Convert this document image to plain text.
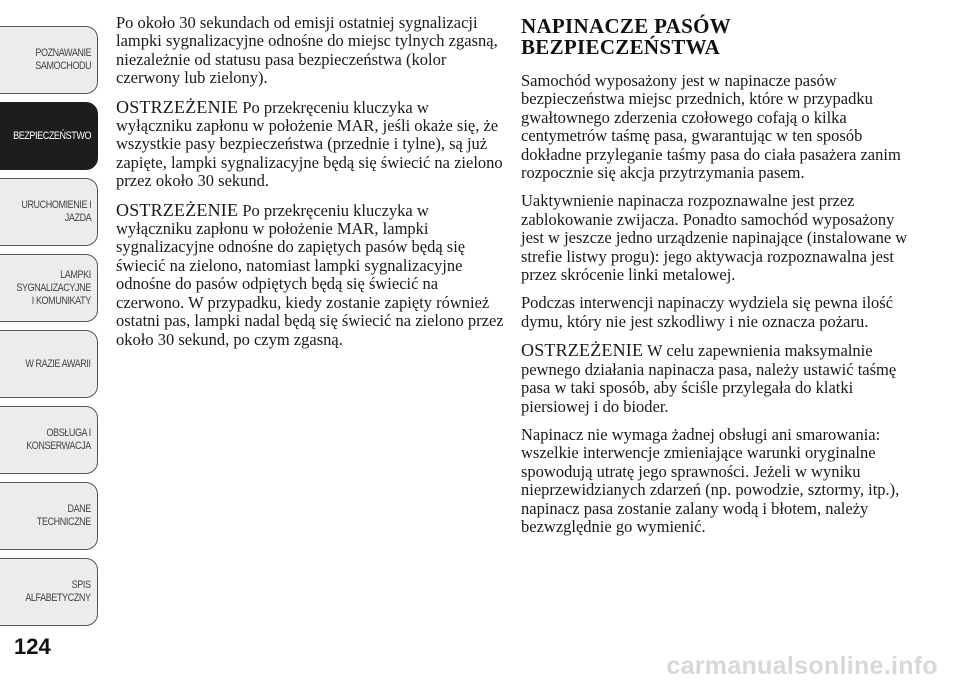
POZNAWANIE
SAMOCHODU
BEZPIECZEŃSTWO
URUCHOMIENIE I
JAZDA
LAMPKI
SYGNALIZACYJNE
I KOMUNIKATY
W RAZIE AWARII
OBSŁUGA I
KONSERWACJA
DANE
TECHNICZNE
SPIS
ALFABETYCZNY
124

Po około 30 sekundach od emisji ostatniej sygnalizacji lampki sygnalizacyjne odnośne do miejsc tylnych zgasną, niezależnie od statusu pasa bezpieczeństwa (kolor czerwony lub zielony).

OSTRZEŻENIE Po przekręceniu kluczyka w wyłączniku zapłonu w położenie MAR, jeśli okaże się, że wszystkie pasy bezpieczeństwa (przednie i tylne), są już zapięte, lampki sygnalizacyjne będą się świecić na zielono przez około 30 sekund.

OSTRZEŻENIE Po przekręceniu kluczyka w wyłączniku zapłonu w położenie MAR, lampki sygnalizacyjne odnośne do zapiętych pasów będą się świecić na zielono, natomiast lampki sygnalizacyjne odnośne do pasów odpiętych będą się świecić na czerwono. W przypadku, kiedy zostanie zapięty również ostatni pas, lampki nadal będą się świecić na zielono przez około 30 sekund, po czym zgasną.

NAPINACZE PASÓW
BEZPIECZEŃSTWA

Samochód wyposażony jest w napinacze pasów bezpieczeństwa miejsc przednich, które w przypadku gwałtownego zderzenia czołowego cofają o kilka centymetrów taśmę pasa, gwarantując w ten sposób dokładne przyleganie taśmy pasa do ciała pasażera zanim rozpocznie się akcja przytrzymania pasem.

Uaktywnienie napinacza rozpoznawalne jest przez zablokowanie zwijacza. Ponadto samochód wyposażony jest w jeszcze jedno urządzenie napinające (instalowane w strefie listwy progu): jego aktywacja rozpoznawalna jest przez skrócenie linki metalowej.

Podczas interwencji napinaczy wydziela się pewna ilość dymu, który nie jest szkodliwy i nie oznacza pożaru.

OSTRZEŻENIE W celu zapewnienia maksymalnie pewnego działania napinacza pasa, należy ustawić taśmę pasa w taki sposób, aby ściśle przylegała do klatki piersiowej i do bioder.

Napinacz nie wymaga żadnej obsługi ani smarowania: wszelkie interwencje zmieniające warunki oryginalne spowodują utratę jego sprawności. Jeżeli w wyniku nieprzewidzianych zdarzeń (np. powodzie, sztormy, itp.), napinacz pasa zostanie zalany wodą i błotem, należy bezwzględnie go wymienić.

carmanualsonline.info
